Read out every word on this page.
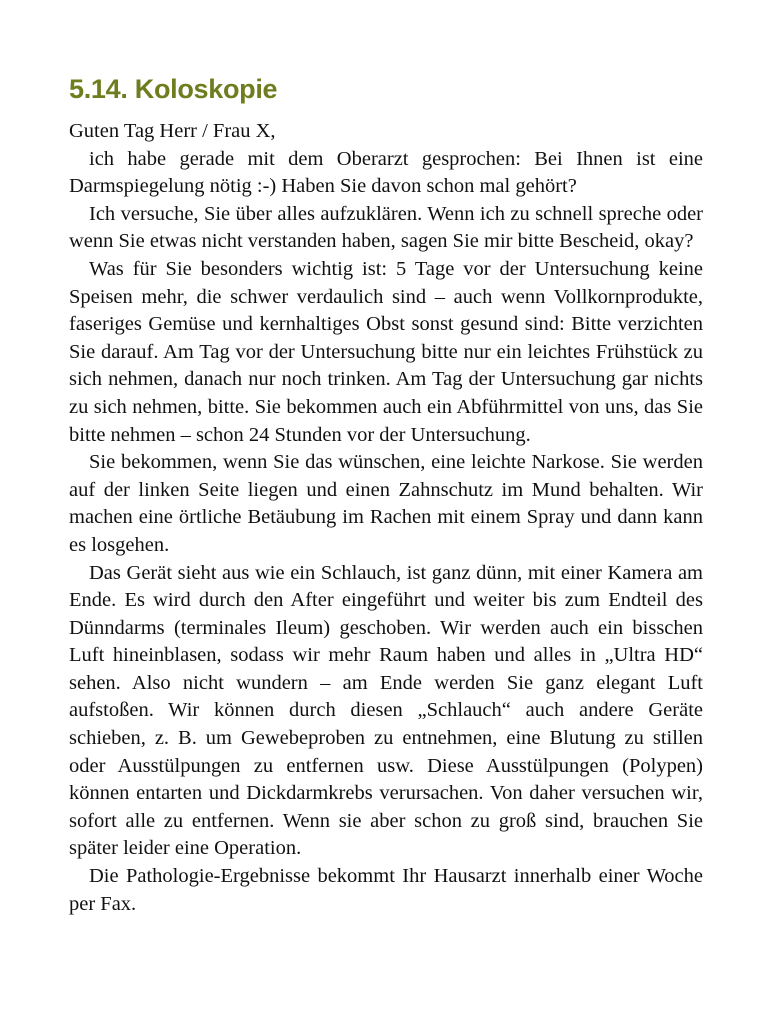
5.14. Koloskopie

Guten Tag Herr / Frau X,

ich habe gerade mit dem Oberarzt gesprochen: Bei Ihnen ist eine Darmspiegelung nötig :-) Haben Sie davon schon mal gehört?

Ich versuche, Sie über alles aufzuklären. Wenn ich zu schnell spreche oder wenn Sie etwas nicht verstanden haben, sagen Sie mir bitte Bescheid, okay?

Was für Sie besonders wichtig ist: 5 Tage vor der Untersuchung keine Speisen mehr, die schwer verdaulich sind – auch wenn Vollkornprodukte, faseriges Gemüse und kernhaltiges Obst sonst gesund sind: Bitte verzichten Sie darauf. Am Tag vor der Untersuchung bitte nur ein leichtes Frühstück zu sich nehmen, danach nur noch trinken. Am Tag der Untersuchung gar nichts zu sich nehmen, bitte. Sie bekommen auch ein Abführmittel von uns, das Sie bitte nehmen – schon 24 Stunden vor der Untersuchung.

Sie bekommen, wenn Sie das wünschen, eine leichte Narkose. Sie werden auf der linken Seite liegen und einen Zahnschutz im Mund behalten. Wir machen eine örtliche Betäubung im Rachen mit einem Spray und dann kann es losgehen.

Das Gerät sieht aus wie ein Schlauch, ist ganz dünn, mit einer Kamera am Ende. Es wird durch den After eingeführt und weiter bis zum Endteil des Dünndarms (terminales Ileum) geschoben. Wir werden auch ein bisschen Luft hineinblasen, sodass wir mehr Raum haben und alles in „Ultra HD“ sehen. Also nicht wundern – am Ende werden Sie ganz elegant Luft aufstoßen. Wir können durch diesen „Schlauch“ auch andere Geräte schieben, z. B. um Gewebeproben zu entnehmen, eine Blutung zu stillen oder Ausstülpungen zu entfernen usw. Diese Ausstülpungen (Polypen) können entarten und Dickdarmkrebs verursachen. Von daher versuchen wir, sofort alle zu entfernen. Wenn sie aber schon zu groß sind, brauchen Sie später leider eine Operation.

Die Pathologie-Ergebnisse bekommt Ihr Hausarzt innerhalb einer Woche per Fax.
